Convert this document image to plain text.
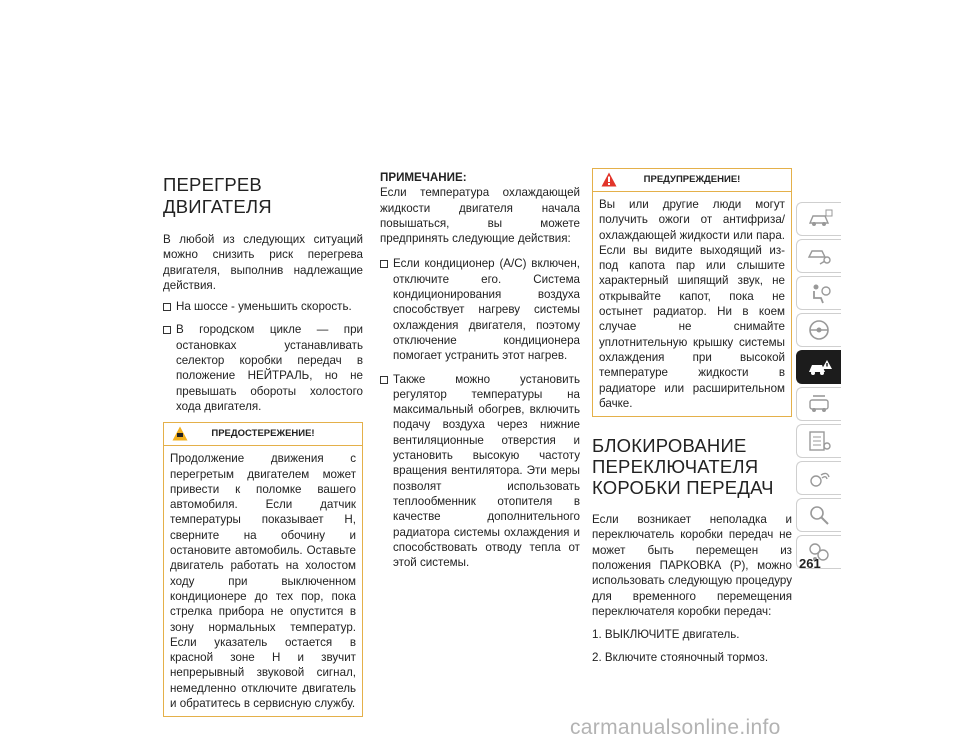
ПЕРЕГРЕВ ДВИГАТЕЛЯ

В любой из следующих ситуаций можно снизить риск перегрева двигателя, выполнив надлежащие действия.

На шоссе - уменьшить скорость.
В городском цикле — при остановках устанавливать селектор коробки передач в положение НЕЙТРАЛЬ, но не превышать обороты холостого хода двигателя.
ПРЕДОСТЕРЕЖЕНИЕ!
Продолжение движения с перегретым двигателем может привести к поломке вашего автомобиля. Если датчик температуры показывает H, сверните на обочину и остановите автомобиль. Оставьте двигатель работать на холостом ходу при выключенном кондиционере до тех пор, пока стрелка прибора не опустится в зону нормальных температур. Если указатель остается в красной зоне H и звучит непрерывный звуковой сигнал, немедленно отключите двигатель и обратитесь в сервисную службу.

ПРИМЕЧАНИЕ:

Если температура охлаждающей жидкости двигателя начала повышаться, вы можете предпринять следующие действия:

Если кондиционер (A/C) включен, отключите его. Система кондиционирования воздуха способствует нагреву системы охлаждения двигателя, поэтому отключение кондиционера помогает устранить этот нагрев.
Также можно установить регулятор температуры на максимальный обогрев, включить подачу воздуха через нижние вентиляционные отверстия и установить высокую частоту вращения вентилятора. Эти меры позволят использовать теплообменник отопителя в качестве дополнительного радиатора системы охлаждения и способствовать отводу тепла от этой системы.
ПРЕДУПРЕЖДЕНИЕ!
Вы или другие люди могут получить ожоги от антифриза/охлаждающей жидкости или пара. Если вы видите выходящий из-под капота пар или слышите характерный шипящий звук, не открывайте капот, пока не остынет радиатор. Ни в коем случае не снимайте уплотнительную крышку системы охлаждения при высокой температуре жидкости в радиаторе или расширительном бачке.
БЛОКИРОВАНИЕ ПЕРЕКЛЮЧАТЕЛЯ КОРОБКИ ПЕРЕДАЧ

Если возникает неполадка и переключатель коробки передач не может быть перемещен из положения ПАРКОВКА (P), можно использовать следующую процедуру для временного перемещения переключателя коробки передач:

1. ВЫКЛЮЧИТЕ двигатель.
2. Включите стояночный тормоз.
261
carmanualsonline.info
